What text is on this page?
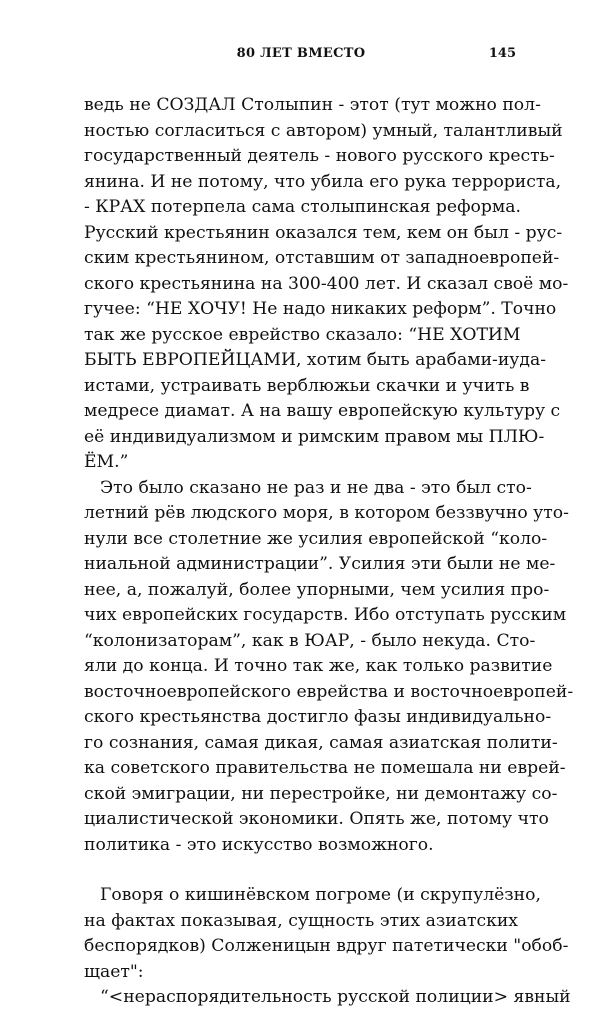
80 ЛЕТ ВМЕСТО	145
ведь не СОЗДАЛ Столыпин - этот (тут можно пол-
ностью согласиться с автором) умный, талантливый
государственный деятель - нового русского кресть-
янина. И не потому, что убила его рука террориста,
- КРАХ потерпела сама столыпинская реформа.
Русский крестьянин оказался тем, кем он был - рус-
ским крестьянином, отставшим от западноевропей-
ского крестьянина на 300-400 лет. И сказал своё мо-
гучее: “НЕ ХОЧУ! Не надо никаких реформ”. Точно
так же русское еврейство сказало: “НЕ ХОТИМ
БЫТЬ ЕВРОПЕЙЦАМИ, хотим быть арабами-иуда-
истами, устраивать верблюжьи скачки и учить в
медресе диамат. А на вашу европейскую культуру с
её индивидуализмом и римским правом мы ПЛЮ-
ЁМ.”
Это было сказано не раз и не два - это был сто-
летний рёв людского моря, в котором беззвучно уто-
нули все столетние же усилия европейской “коло-
ниальной администрации”. Усилия эти были не ме-
нее, а, пожалуй, более упорными, чем усилия про-
чих европейских государств. Ибо отступать русским
“колонизаторам”, как в ЮАР, - было некуда. Сто-
яли до конца. И точно так же, как только развитие
восточноевропейского еврейства и восточноевропей-
ского крестьянства достигло фазы индивидуально-
го сознания, самая дикая, самая азиатская полити-
ка советского правительства не помешала ни еврей-
ской эмиграции, ни перестройке, ни демонтажу со-
циалистической экономики. Опять же, потому что
политика - это искусство возможного.
Говоря о кишинёвском погроме (и скрупулёзно,
на фактах показывая, сущность этих азиатских
беспорядков) Солженицын вдруг патетически "обоб-
щает":
“<нераспорядительность русской полиции> явный
